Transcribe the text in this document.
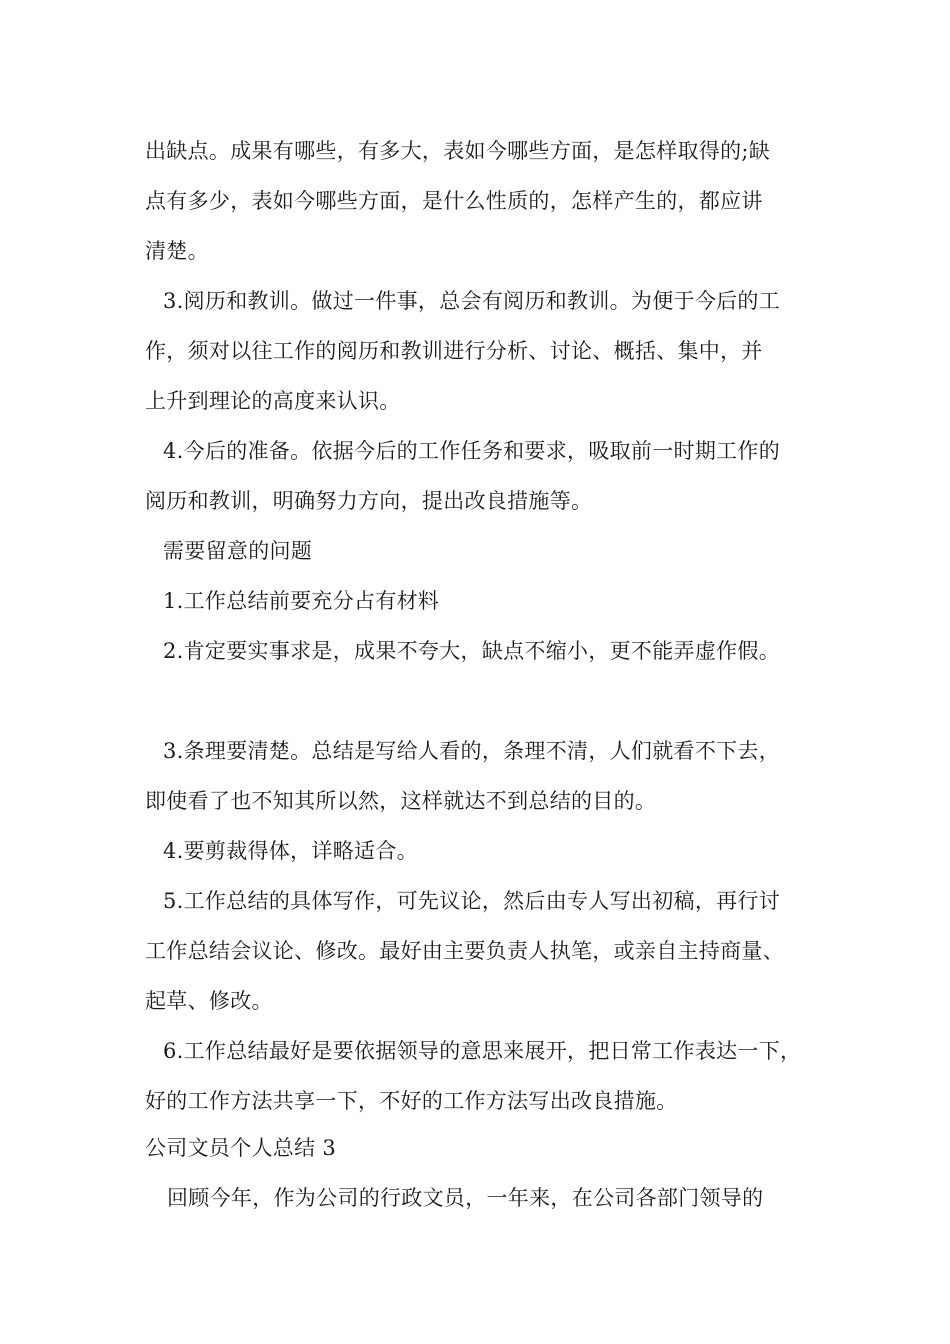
出缺点。成果有哪些，有多大，表如今哪些方面，是怎样取得的;缺
点有多少，表如今哪些方面，是什么性质的，怎样产生的，都应讲
清楚。
3.阅历和教训。做过一件事，总会有阅历和教训。为便于今后的工
作，须对以往工作的阅历和教训进行分析、讨论、概括、集中，并
上升到理论的高度来认识。
4.今后的准备。依据今后的工作任务和要求，吸取前一时期工作的
阅历和教训，明确努力方向，提出改良措施等。
需要留意的问题
1.工作总结前要充分占有材料
2.肯定要实事求是，成果不夸大，缺点不缩小，更不能弄虚作假。
3.条理要清楚。总结是写给人看的，条理不清，人们就看不下去，
即使看了也不知其所以然，这样就达不到总结的目的。
4.要剪裁得体，详略适合。
5.工作总结的具体写作，可先议论，然后由专人写出初稿，再行讨
工作总结会议论、修改。最好由主要负责人执笔，或亲自主持商量、
起草、修改。
6.工作总结最好是要依据领导的意思来展开，把日常工作表达一下，
好的工作方法共享一下，不好的工作方法写出改良措施。
公司文员个人总结 3
回顾今年，作为公司的行政文员，一年来，在公司各部门领导的
